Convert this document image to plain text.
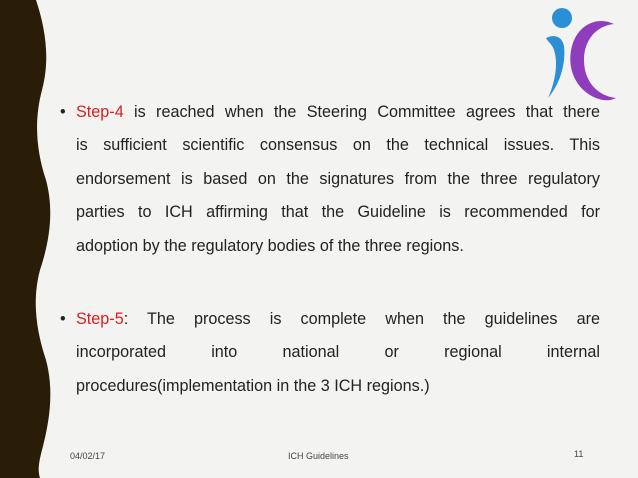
• Step-4 is reached when the Steering Committee agrees that there
is sufficient scientific consensus on the technical issues. This
endorsement is based on the signatures from the three regulatory
parties to ICH affirming that the Guideline is recommended for
adoption by the regulatory bodies of the three regions.
• Step-5: The process is complete when the guidelines are
incorporated into national or regional internal
procedures(implementation in the 3 ICH regions.)
04/02/17	ICH Guidelines	11
